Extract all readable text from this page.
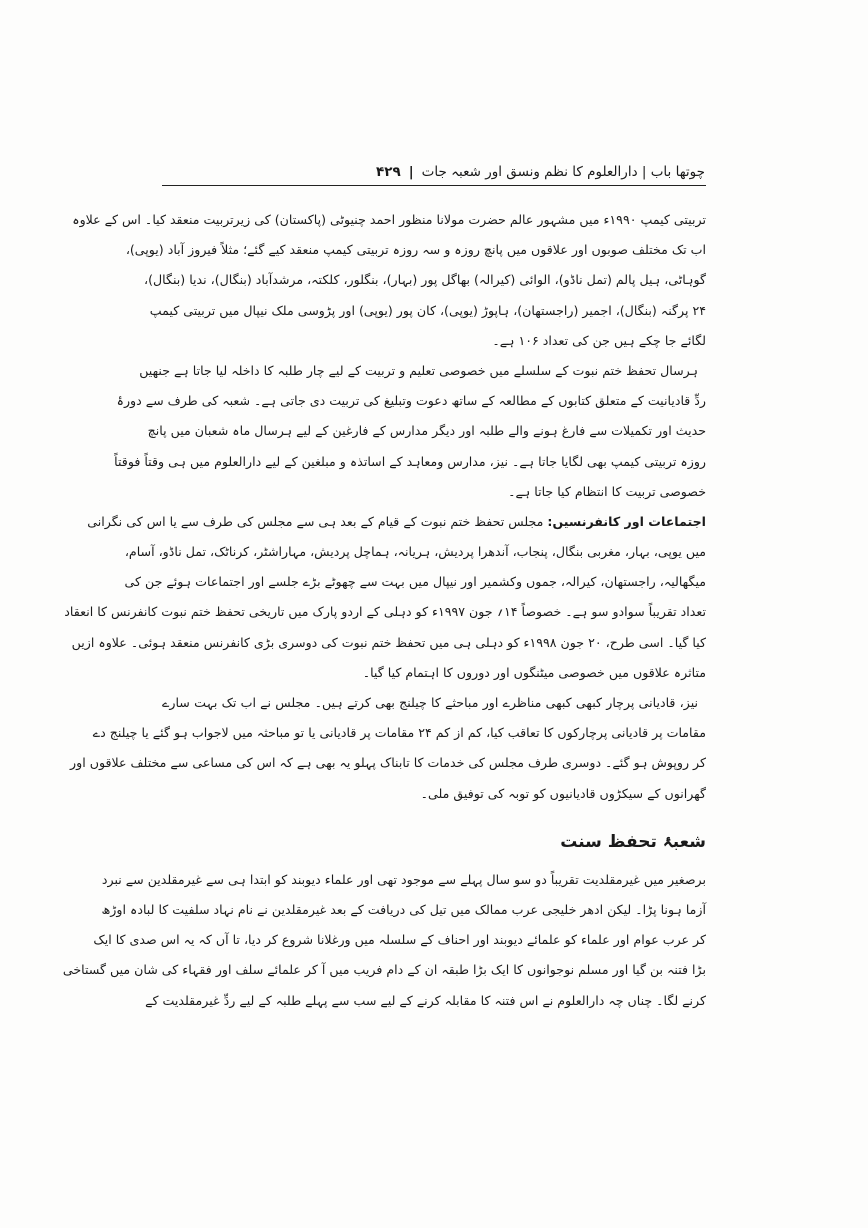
چوتھا باب | دارالعلوم کا نظم ونسق اور شعبہ جات
|
۴۲۹
تربیتی کیمپ ۱۹۹۰ء میں مشہور عالم حضرت مولانا منظور احمد چنیوٹی (پاکستان) کی زیرتربیت منعقد کیا۔ اس کے علاوہ
اب تک مختلف صوبوں اور علاقوں میں پانچ روزہ و سہ روزہ تربیتی کیمپ منعقد کیے گئے؛ مثلاً فیروز آباد (یوپی)،
گوہاٹی، ہیل پالم (تمل ناڈو)، الوائی (کیرالہ) بھاگل پور (بہار)، بنگلور، کلکتہ، مرشدآباد (بنگال)، ندیا (بنگال)،
۲۴ پرگنہ (بنگال)، اجمیر (راجستھان)، ہاپوڑ (یوپی)، کان پور (یوپی) اور پڑوسی ملک نیپال میں تربیتی کیمپ
لگائے جا چکے ہیں جن کی تعداد ۱۰۶ ہے۔
ہرسال تحفظ ختم نبوت کے سلسلے میں خصوصی تعلیم و تربیت کے لیے چار طلبہ کا داخلہ لیا جاتا ہے جنھیں
ردِّ قادیانیت کے متعلق کتابوں کے مطالعہ کے ساتھ دعوت وتبلیغ کی تربیت دی جاتی ہے۔ شعبہ کی طرف سے دورۂ
حدیث اور تکمیلات سے فارغ ہونے والے طلبہ اور دیگر مدارس کے فارغین کے لیے ہرسال ماہ شعبان میں پانچ
روزہ تربیتی کیمپ بھی لگایا جاتا ہے۔ نیز، مدارس ومعاہد کے اساتذہ و مبلغین کے لیے دارالعلوم میں ہی وقتاً فوقتاً
خصوصی تربیت کا انتظام کیا جاتا ہے۔
اجتماعات اور کانفرنسیں: مجلس تحفظ ختم نبوت کے قیام کے بعد ہی سے مجلس کی طرف سے یا اس کی نگرانی
میں یوپی، بہار، مغربی بنگال، پنجاب، آندھرا پردیش، ہریانہ، ہماچل پردیش، مہاراشٹر، کرناٹک، تمل ناڈو، آسام،
میگھالیہ، راجستھان، کیرالہ، جموں وکشمیر اور نیپال میں بہت سے چھوٹے بڑے جلسے اور اجتماعات ہوئے جن کی
تعداد تقریباً سوادو سو ہے۔ خصوصاً ۱۴؍ جون ۱۹۹۷ء کو دہلی کے اردو پارک میں تاریخی تحفظ ختم نبوت کانفرنس کا انعقاد
کیا گیا۔ اسی طرح، ۲۰ جون ۱۹۹۸ء کو دہلی ہی میں تحفظ ختم نبوت کی دوسری بڑی کانفرنس منعقد ہوئی۔ علاوہ ازیں
متاثرہ علاقوں میں خصوصی میٹنگوں اور دوروں کا اہتمام کیا گیا۔
نیز، قادیانی پرچار کبھی کبھی مناظرے اور مباحثے کا چیلنج بھی کرتے ہیں۔ مجلس نے اب تک بہت سارے
مقامات پر قادیانی پرچارکوں کا تعاقب کیا، کم از کم ۲۴ مقامات پر قادیانی یا تو مباحثہ میں لاجواب ہو گئے یا چیلنج دے
کر روپوش ہو گئے۔ دوسری طرف مجلس کی خدمات کا تابناک پہلو یہ بھی ہے کہ اس کی مساعی سے مختلف علاقوں اور
گھرانوں کے سیکڑوں قادیانیوں کو توبہ کی توفیق ملی۔
شعبۂ تحفظ سنت
برصغیر میں غیرمقلدیت تقریباً دو سو سال پہلے سے موجود تھی اور علماء دیوبند کو ابتدا ہی سے غیرمقلدین سے نبرد
آزما ہونا پڑا۔ لیکن ادھر خلیجی عرب ممالک میں تیل کی دریافت کے بعد غیرمقلدین نے نام نہاد سلفیت کا لبادہ اوڑھ
کر عرب عوام اور علماء کو علمائے دیوبند اور احناف کے سلسلہ میں ورغلانا شروع کر دیا، تا آں کہ یہ اس صدی کا ایک
بڑا فتنہ بن گیا اور مسلم نوجوانوں کا ایک بڑا طبقہ ان کے دام فریب میں آ کر علمائے سلف اور فقہاء کی شان میں گستاخی
کرنے لگا۔ چناں چہ دارالعلوم نے اس فتنہ کا مقابلہ کرنے کے لیے سب سے پہلے طلبہ کے لیے ردِّ غیرمقلدیت کے
